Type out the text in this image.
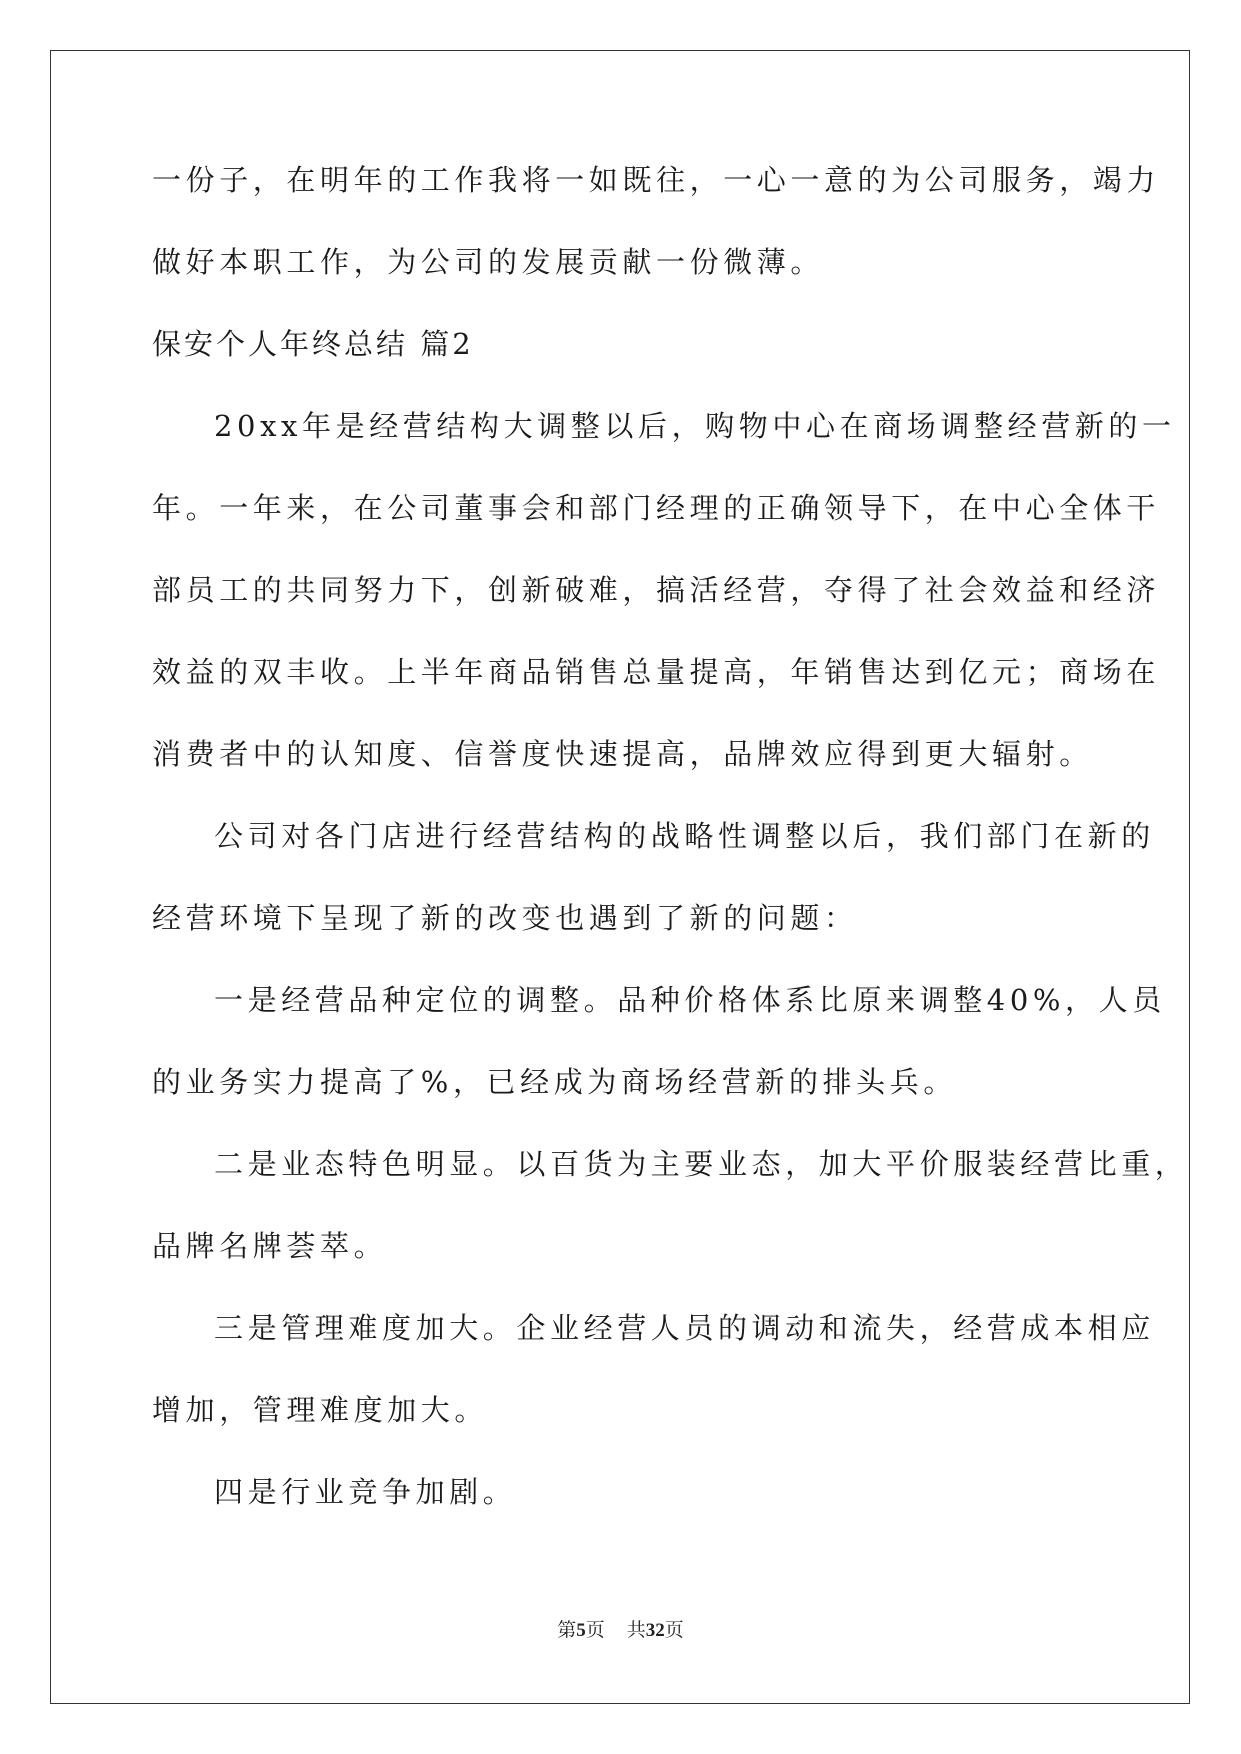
一份子，在明年的工作我将一如既往，一心一意的为公司服务，竭力
做好本职工作，为公司的发展贡献一份微薄。
保安个人年终总结 篇2
20xx年是经营结构大调整以后，购物中心在商场调整经营新的一
年。一年来，在公司董事会和部门经理的正确领导下，在中心全体干
部员工的共同努力下，创新破难，搞活经营，夺得了社会效益和经济
效益的双丰收。上半年商品销售总量提高，年销售达到亿元；商场在
消费者中的认知度、信誉度快速提高，品牌效应得到更大辐射。
公司对各门店进行经营结构的战略性调整以后，我们部门在新的
经营环境下呈现了新的改变也遇到了新的问题：
一是经营品种定位的调整。品种价格体系比原来调整40%，人员
的业务实力提高了%，已经成为商场经营新的排头兵。
二是业态特色明显。以百货为主要业态，加大平价服装经营比重，
品牌名牌荟萃。
三是管理难度加大。企业经营人员的调动和流失，经营成本相应
增加，管理难度加大。
四是行业竞争加剧。
第5页 共32页
